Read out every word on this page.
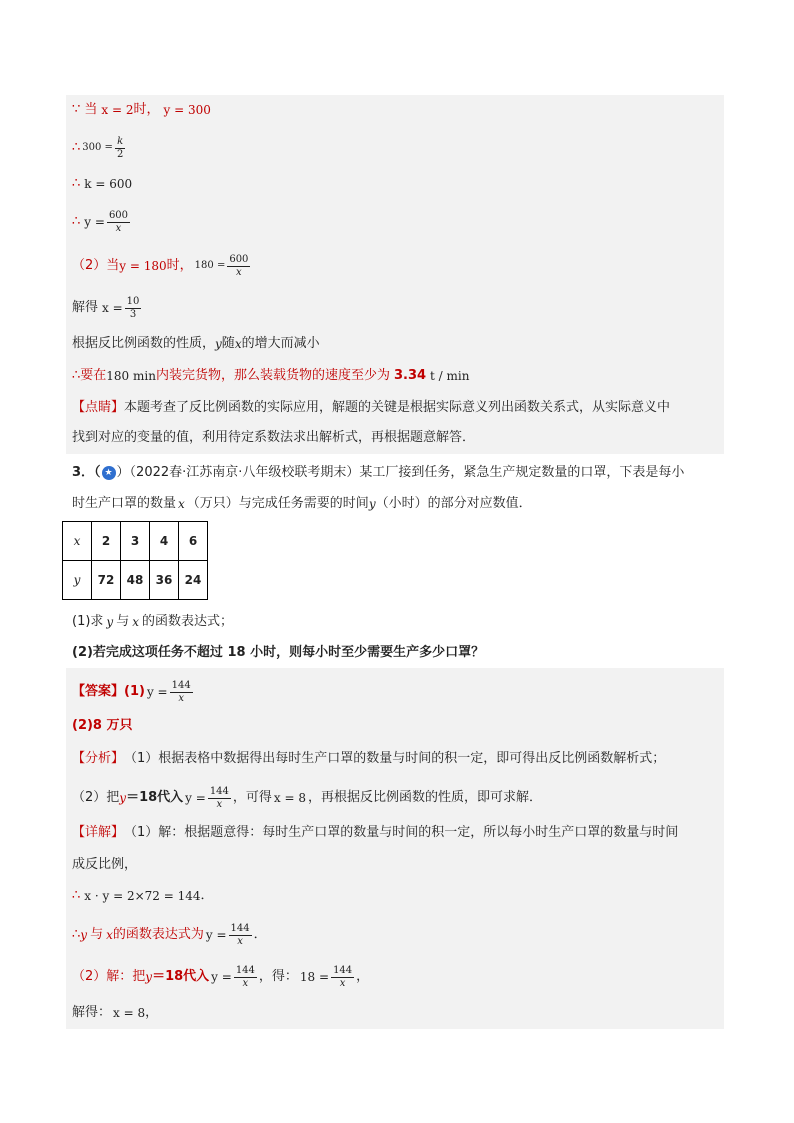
∵ 当 x = 2 时， y = 300
∴ $300 = \frac{k}{2}$
∴ k = 600
∴ $y = \frac{600}{x}$
（2）当 y = 180 时， $180 = \frac{600}{x}$
解得 $x = \frac{10}{3}$
根据反比例函数的性质， y 随 x 的增大而减小
∴要在 180 min 内装完货物，那么装载货物的速度至少为 3.34 t / min
【点睛】 本题考查了反比例函数的实际应用，解题的关键是根据实际意义列出函数关系式，从实际意义中
找到对应的变量的值，利用待定系数法求出解析式，再根据题意解答．
3．（ ★ ）（2022春·江苏南京·八年级校联考期末）某工厂接到任务，紧急生产规定数量的口罩，下表是每小
时生产口罩的数量 x （万只）与完成任务需要的时间 y （小时）的部分对应数值．
x	2	3	4	6
y	72	48	36	24
(1)求 y 与 x 的函数表达式；
(2)若完成这项任务不超过 18 小时，则每小时至少需要生产多少口罩？
【答案】 (1) $y = \frac{144}{x}$
(2)8 万只
【分析】 （1）根据表格中数据得出每时生产口罩的数量与时间的积一定，即可得出反比例函数解析式；
（2）把 y ＝18代入 $y = \frac{144}{x}$ ，可得 x = 8 ，再根据反比例函数的性质，即可求解．
【详解】 （1）解：根据题意得：每时生产口罩的数量与时间的积一定，所以每小时生产口罩的数量与时间
成反比例，
∴ x · y = 2×72 = 144 ．
∴ y 与 x 的函数表达式为 $y = \frac{144}{x}$ ．
（2）解：把 y ＝18代入 $y = \frac{144}{x}$ ，得： $18 = \frac{144}{x}$ ，
解得： x = 8 ，
